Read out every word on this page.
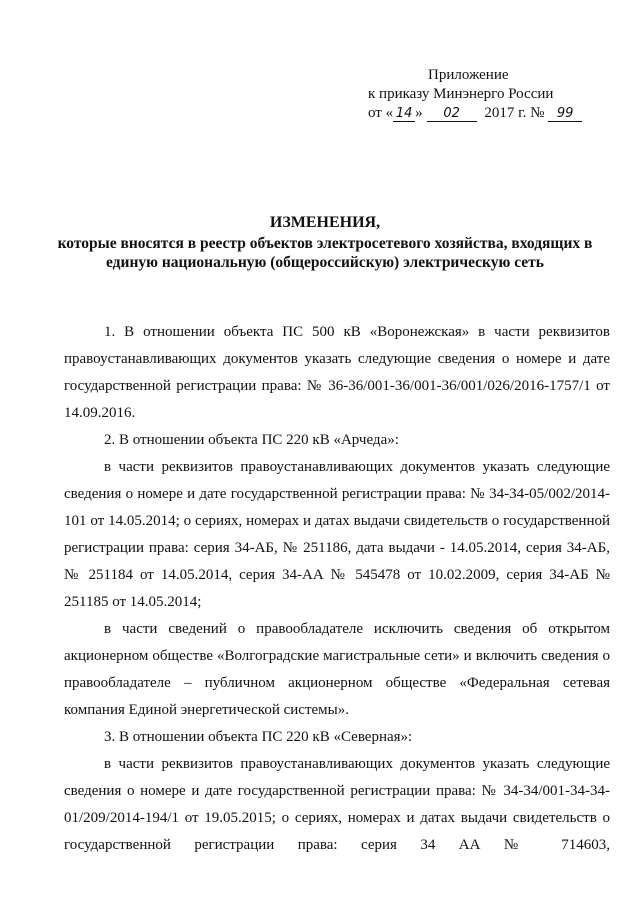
Приложение
к приказу Минэнерго России
от « 14 » 02 2017 г. № 99
ИЗМЕНЕНИЯ,
которые вносятся в реестр объектов электросетевого хозяйства, входящих в
единую национальную (общероссийскую) электрическую сеть

1. В отношении объекта ПС 500 кВ «Воронежская» в части реквизитов правоустанавливающих документов указать следующие сведения о номере и дате государственной регистрации права: № 36-36/001-36/001-36/001/026/2016-1757/1 от 14.09.2016.

2. В отношении объекта ПС 220 кВ «Арчеда»:

в части реквизитов правоустанавливающих документов указать следующие сведения о номере и дате государственной регистрации права: № 34-34-05/002/2014-101 от 14.05.2014; о сериях, номерах и датах выдачи свидетельств о государственной регистрации права: серия 34-АБ, № 251186, дата выдачи - 14.05.2014, серия 34-АБ, № 251184 от 14.05.2014, серия 34-АА № 545478 от 10.02.2009, серия 34-АБ № 251185 от 14.05.2014;

в части сведений о правообладателе исключить сведения об открытом акционерном обществе «Волгоградские магистральные сети» и включить сведения о правообладателе – публичном акционерном обществе «Федеральная сетевая компания Единой энергетической системы».

3. В отношении объекта ПС 220 кВ «Северная»:

в части реквизитов правоустанавливающих документов указать следующие сведения о номере и дате государственной регистрации права: № 34-34/001-34-34-01/209/2014-194/1 от 19.05.2015; о сериях, номерах и датах выдачи свидетельств о государственной регистрации права: серия 34 АА № 714603,
